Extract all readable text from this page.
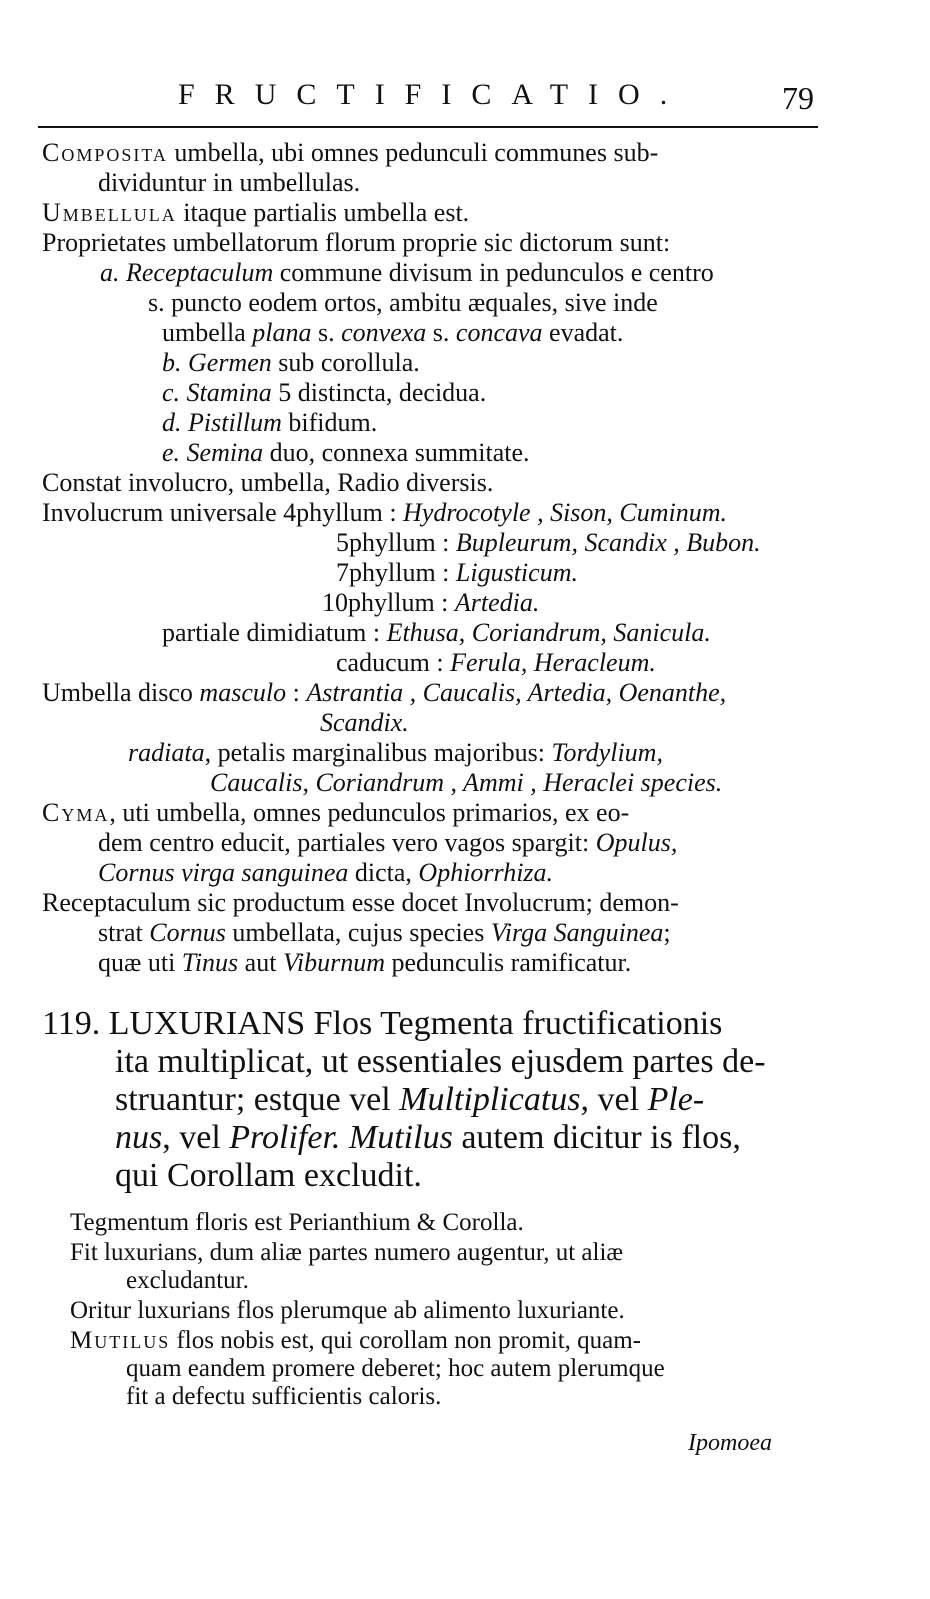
FRUCTIFICATIO.	79
Composita umbella, ubi omnes pedunculi communes sub-
dividuntur in umbellulas.
Umbellula itaque partialis umbella est.
Proprietates umbellatorum florum proprie sic dictorum sunt:
a. Receptaculum commune divisum in pedunculos e centro
s. puncto eodem ortos, ambitu æquales, sive inde
umbella plana s. convexa s. concava evadat.
b. Germen sub corollula.
c. Stamina 5 distincta, decidua.
d. Pistillum bifidum.
e. Semina duo, connexa summitate.
Constat involucro, umbella, Radio diversis.
Involucrum universale 4phyllum : Hydrocotyle , Sison, Cuminum.
5phyllum : Bupleurum, Scandix , Bubon.
7phyllum : Ligusticum.
10phyllum : Artedia.
partiale dimidiatum : Ethusa, Coriandrum, Sanicula.
caducum : Ferula, Heracleum.
Umbella disco masculo : Astrantia , Caucalis, Artedia, Oenanthe,
Scandix.
radiata, petalis marginalibus majoribus: Tordylium,
Caucalis, Coriandrum , Ammi , Heraclei species.
Cyma, uti umbella, omnes pedunculos primarios, ex eo-
dem centro educit, partiales vero vagos spargit: Opulus,
Cornus virga sanguinea dicta, Ophiorrhiza.
Receptaculum sic productum esse docet Involucrum; demon-
strat Cornus umbellata, cujus species Virga Sanguinea;
quæ uti Tinus aut Viburnum pedunculis ramificatur.
119. LUXURIANS Flos Tegmenta fructificationis
ita multiplicat, ut essentiales ejusdem partes de-
struantur; estque vel Multiplicatus, vel Ple-
nus, vel Prolifer. Mutilus autem dicitur is flos,
qui Corollam excludit.
Tegmentum floris est Perianthium & Corolla.
Fit luxurians, dum aliæ partes numero augentur, ut aliæ
excludantur.
Oritur luxurians flos plerumque ab alimento luxuriante.
Mutilus flos nobis est, qui corollam non promit, quam-
quam eandem promere deberet; hoc autem plerumque
fit a defectu sufficientis caloris.
Ipomoea
